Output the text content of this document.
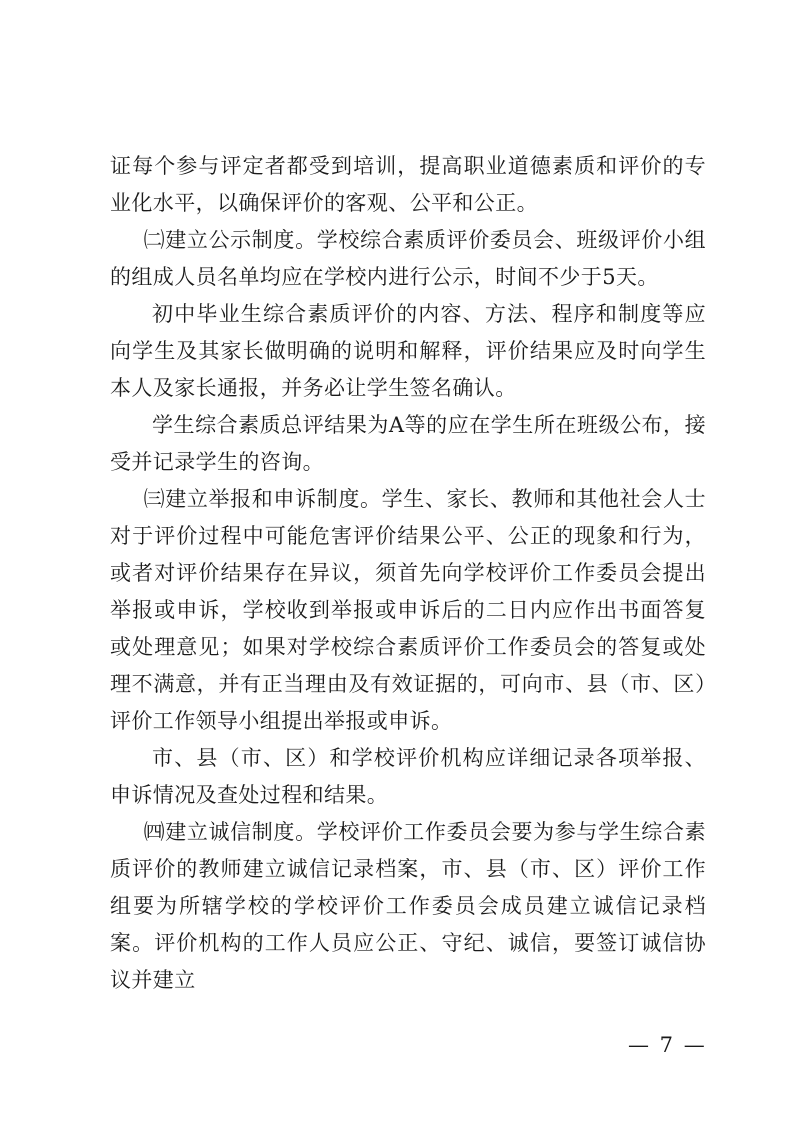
证每个参与评定者都受到培训，提高职业道德素质和评价的专业化水平，以确保评价的客观、公平和公正。

㈡建立公示制度。学校综合素质评价委员会、班级评价小组的组成人员名单均应在学校内进行公示，时间不少于5天。

初中毕业生综合素质评价的内容、方法、程序和制度等应向学生及其家长做明确的说明和解释，评价结果应及时向学生本人及家长通报，并务必让学生签名确认。

学生综合素质总评结果为A等的应在学生所在班级公布，接受并记录学生的咨询。

㈢建立举报和申诉制度。学生、家长、教师和其他社会人士对于评价过程中可能危害评价结果公平、公正的现象和行为，或者对评价结果存在异议，须首先向学校评价工作委员会提出举报或申诉，学校收到举报或申诉后的二日内应作出书面答复或处理意见；如果对学校综合素质评价工作委员会的答复或处理不满意，并有正当理由及有效证据的，可向市、县（市、区）评价工作领导小组提出举报或申诉。

市、县（市、区）和学校评价机构应详细记录各项举报、申诉情况及查处过程和结果。

㈣建立诚信制度。学校评价工作委员会要为参与学生综合素质评价的教师建立诚信记录档案，市、县（市、区）评价工作组要为所辖学校的学校评价工作委员会成员建立诚信记录档案。评价机构的工作人员应公正、守纪、诚信，要签订诚信协议并建立

— 7 —
